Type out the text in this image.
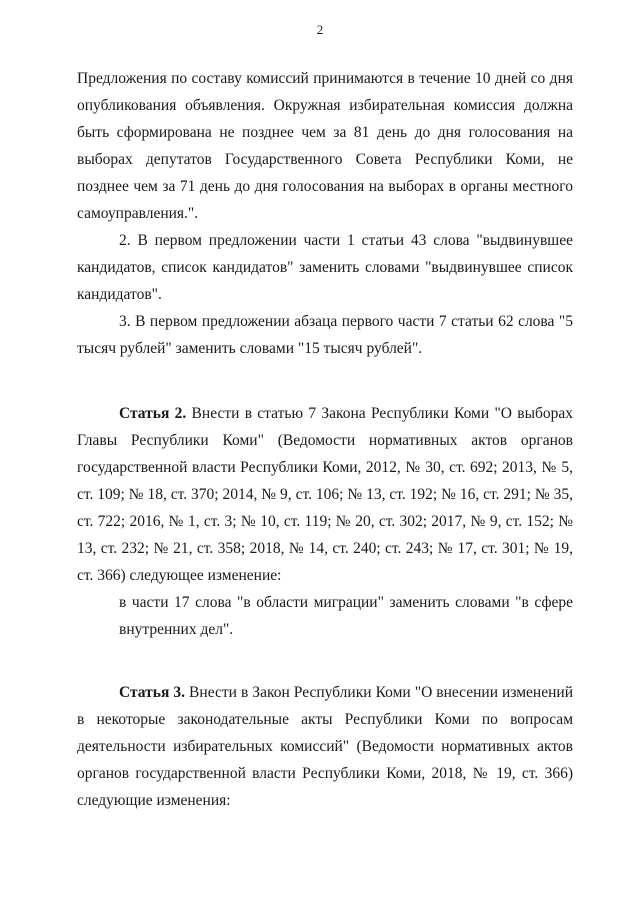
2

Предложения по составу комиссий принимаются в течение 10 дней со дня опубликования объявления. Окружная избирательная комиссия должна быть сформирована не позднее чем за 81 день до дня голосования на выборах депутатов Государственного Совета Республики Коми, не позднее чем за 71 день до дня голосования на выборах в органы местного самоуправления.".

2. В первом предложении части 1 статьи 43 слова "выдвинувшее кандидатов, список кандидатов" заменить словами "выдвинувшее список кандидатов".

3. В первом предложении абзаца первого части 7 статьи 62 слова "5 тысяч рублей" заменить словами "15 тысяч рублей".

Статья 2. Внести в статью 7 Закона Республики Коми "О выборах Главы Республики Коми" (Ведомости нормативных актов органов государственной власти Республики Коми, 2012, № 30, ст. 692; 2013, № 5, ст. 109; № 18, ст. 370; 2014, № 9, ст. 106; № 13, ст. 192; № 16, ст. 291; № 35, ст. 722; 2016, № 1, ст. 3; № 10, ст. 119; № 20, ст. 302; 2017, № 9, ст. 152; № 13, ст. 232; № 21, ст. 358; 2018, № 14, ст. 240; ст. 243; № 17, ст. 301; № 19, ст. 366) следующее изменение:

в части 17 слова "в области миграции" заменить словами "в сфере внутренних дел".

Статья 3. Внести в Закон Республики Коми "О внесении изменений в некоторые законодательные акты Республики Коми по вопросам деятельности избирательных комиссий" (Ведомости нормативных актов органов государственной власти Республики Коми, 2018, № 19, ст. 366) следующие изменения:
